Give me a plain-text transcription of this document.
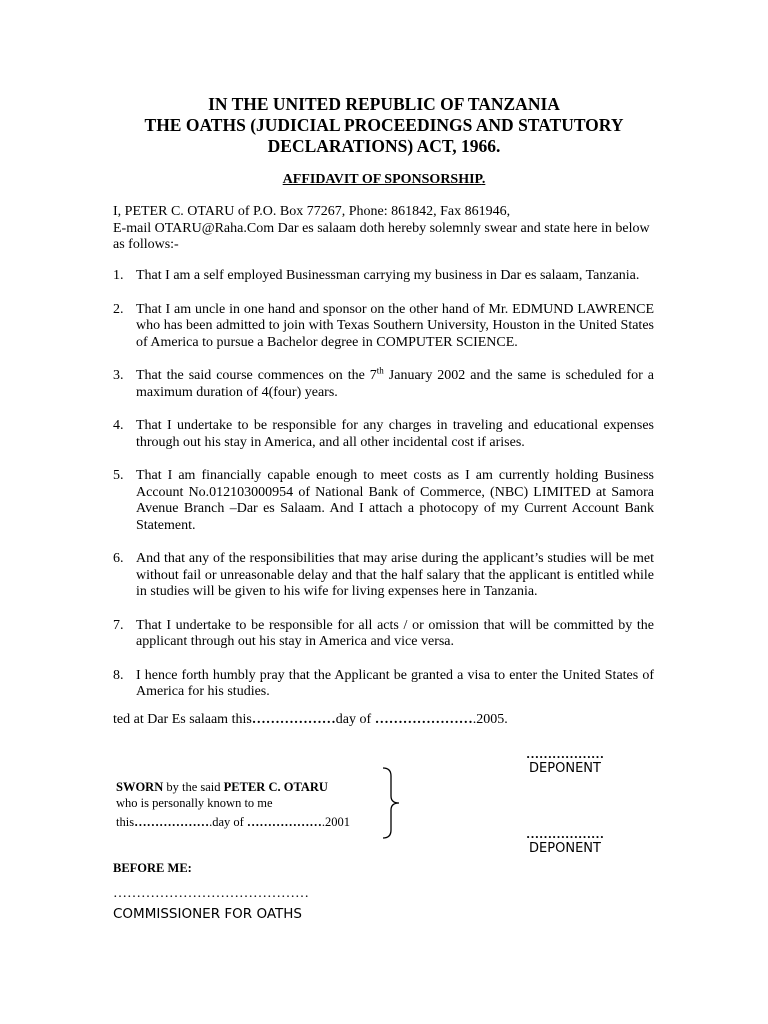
IN THE UNITED REPUBLIC OF TANZANIA
THE OATHS (JUDICIAL PROCEEDINGS AND STATUTORY
DECLARATIONS) ACT, 1966.
AFFIDAVIT OF SPONSORSHIP.
I, PETER C. OTARU of P.O. Box 77267, Phone: 861842, Fax 861946,
E-mail OTARU@Raha.Com Dar es salaam doth hereby solemnly swear and state here in below
as follows:-
1. That I am a self employed Businessman carrying my business in Dar es salaam, Tanzania.
2. That I am uncle in one hand and sponsor on the other hand of Mr. EDMUND LAWRENCE who has been admitted to join with Texas Southern University, Houston in the United States of America to pursue a Bachelor degree in COMPUTER SCIENCE.
3. That the said course commences on the 7th January 2002 and the same is scheduled for a maximum duration of 4(four) years.
4. That I undertake to be responsible for any charges in traveling and educational expenses through out his stay in America, and all other incidental cost if arises.
5. That I am financially capable enough to meet costs as I am currently holding Business Account No.012103000954 of National Bank of Commerce, (NBC) LIMITED at Samora Avenue Branch –Dar es Salaam. And I attach a photocopy of my Current Account Bank Statement.
6. And that any of the responsibilities that may arise during the applicant’s studies will be met without fail or unreasonable delay and that the half salary that the applicant is entitled while in studies will be given to his wife for living expenses here in Tanzania.
7. That I undertake to be responsible for all acts / or omission that will be committed by the applicant through out his stay in America and vice versa.
8. I hence forth humbly pray that the Applicant be granted a visa to enter the United States of America for his studies.
ted at Dar Es salaam this………………day of ………………….2005.
………………
DEPONENT
SWORN by the said PETER C. OTARU
who is personally known to me
this……………….day of ……………….2001
………………
DEPONENT
BEFORE ME:
……………………………………
COMMISSIONER FOR OATHS
